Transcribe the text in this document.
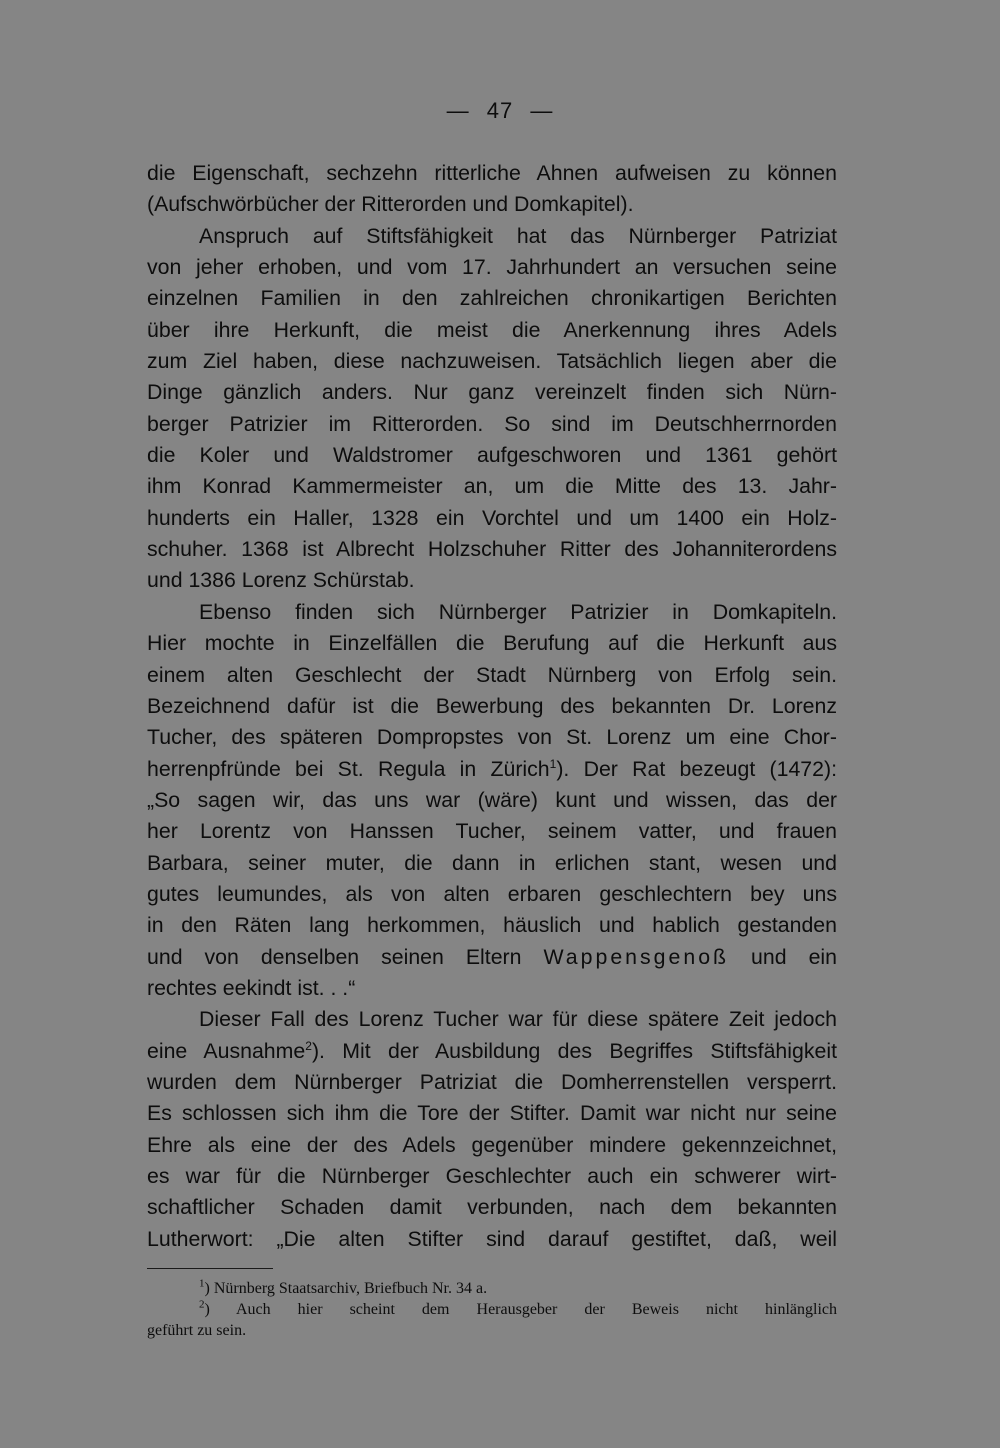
— 47 —
die Eigenschaft, sechzehn ritterliche Ahnen aufweisen zu können
(Aufschwörbücher der Ritterorden und Domkapitel).
Anspruch auf Stiftsfähigkeit hat das Nürnberger Patriziat
von jeher erhoben, und vom 17. Jahrhundert an versuchen seine
einzelnen Familien in den zahlreichen chronikartigen Berichten
über ihre Herkunft, die meist die Anerkennung ihres Adels
zum Ziel haben, diese nachzuweisen. Tatsächlich liegen aber die
Dinge gänzlich anders. Nur ganz vereinzelt finden sich Nürn-
berger Patrizier im Ritterorden. So sind im Deutschherrnorden
die Koler und Waldstromer aufgeschworen und 1361 gehört
ihm Konrad Kammermeister an, um die Mitte des 13. Jahr-
hunderts ein Haller, 1328 ein Vorchtel und um 1400 ein Holz-
schuher. 1368 ist Albrecht Holzschuher Ritter des Johanniterordens
und 1386 Lorenz Schürstab.
Ebenso finden sich Nürnberger Patrizier in Domkapiteln.
Hier mochte in Einzelfällen die Berufung auf die Herkunft aus
einem alten Geschlecht der Stadt Nürnberg von Erfolg sein.
Bezeichnend dafür ist die Bewerbung des bekannten Dr. Lorenz
Tucher, des späteren Dompropstes von St. Lorenz um eine Chor-
herrenpfründe bei St. Regula in Zürich$^1$). Der Rat bezeugt (1472):
„So sagen wir, das uns war (wäre) kunt und wissen, das der
her Lorentz von Hanssen Tucher, seinem vatter, und frauen
Barbara, seiner muter, die dann in erlichen stant, wesen und
gutes leumundes, als von alten erbaren geschlechtern bey uns
in den Räten lang herkommen, häuslich und hablich gestanden
und von denselben seinen Eltern Wappensgenoß und ein
rechtes eekindt ist. . .“
Dieser Fall des Lorenz Tucher war für diese spätere Zeit jedoch
eine Ausnahme$^2$). Mit der Ausbildung des Begriffes Stiftsfähigkeit
wurden dem Nürnberger Patriziat die Domherrenstellen versperrt.
Es schlossen sich ihm die Tore der Stifter. Damit war nicht nur seine
Ehre als eine der des Adels gegenüber mindere gekennzeichnet,
es war für die Nürnberger Geschlechter auch ein schwerer wirt-
schaftlicher Schaden damit verbunden, nach dem bekannten
Lutherwort: „Die alten Stifter sind darauf gestiftet, daß, weil
$^1$) Nürnberg Staatsarchiv, Briefbuch Nr. 34 a.
$^2$) Auch hier scheint dem Herausgeber der Beweis nicht hinlänglich
geführt zu sein.
